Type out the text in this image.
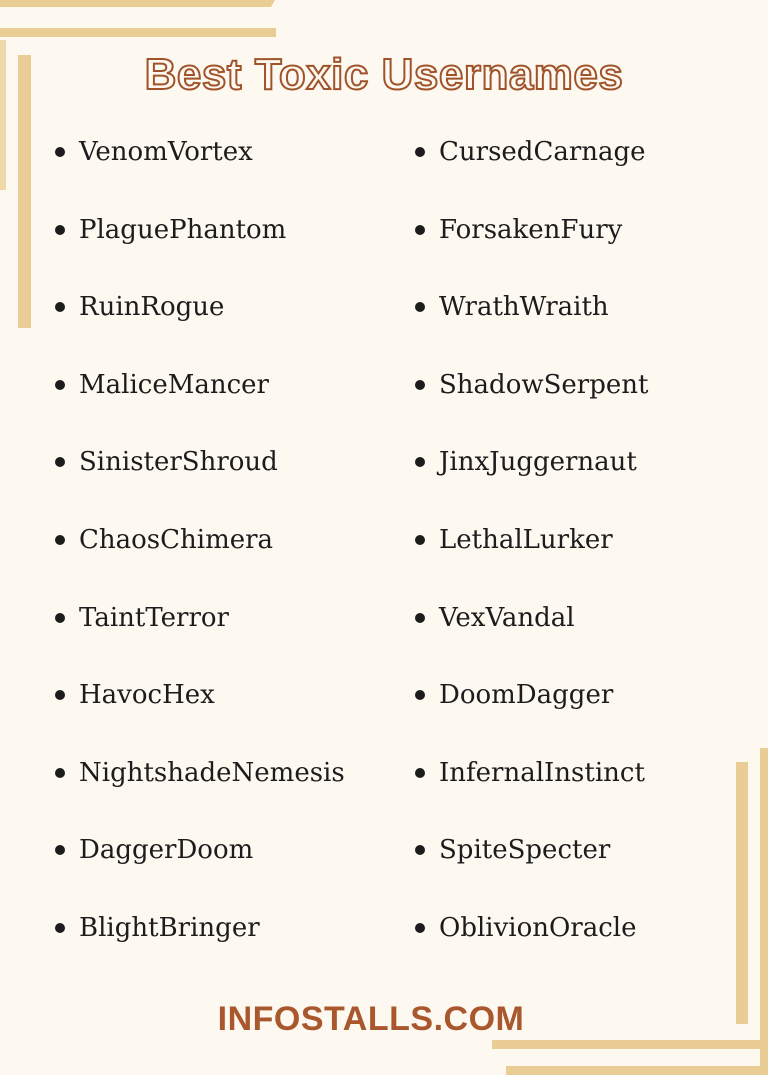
Best Toxic Usernames
VenomVortex
PlaguePhantom
RuinRogue
MaliceMancer
SinisterShroud
ChaosChimera
TaintTerror
HavocHex
NightshadeNemesis
DaggerDoom
BlightBringer
CursedCarnage
ForsakenFury
WrathWraith
ShadowSerpent
JinxJuggernaut
LethalLurker
VexVandal
DoomDagger
InfernalInstinct
SpiteSpecter
OblivionOracle
INFOSTALLS.COM
